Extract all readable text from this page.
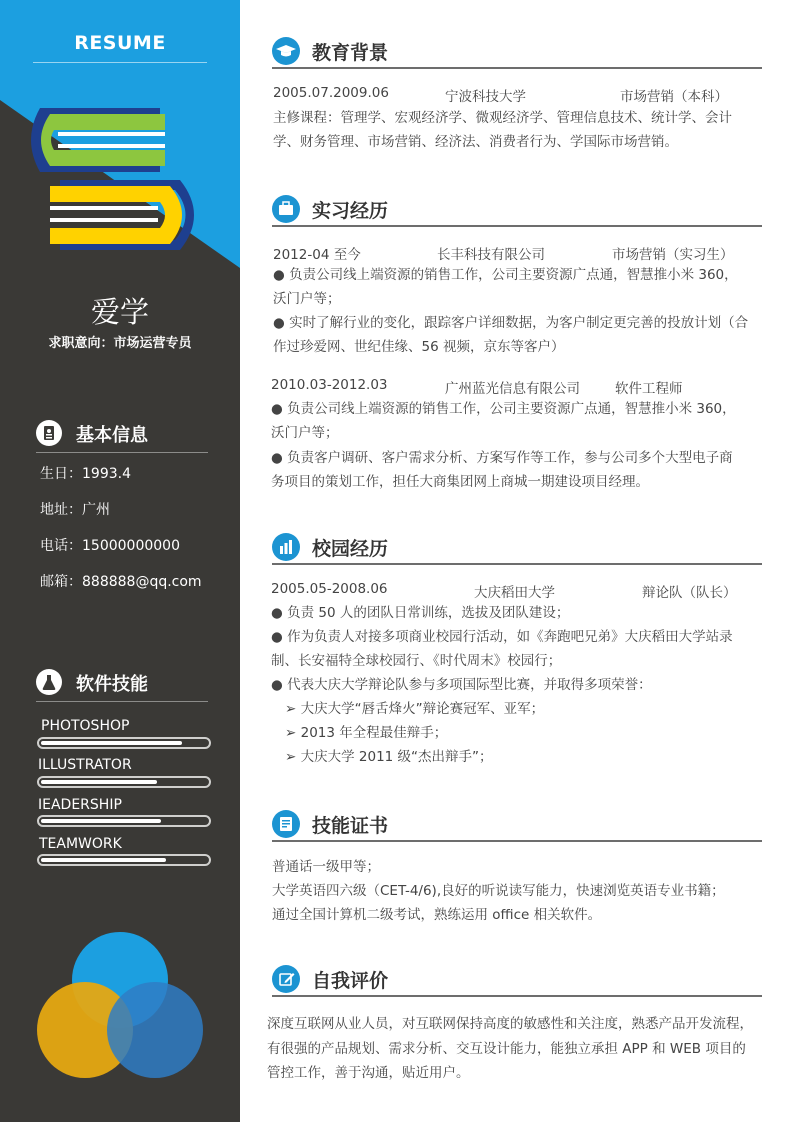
RESUME
爱学
求职意向：市场运营专员
基本信息
生日：1993.4
地址：广州
电话：15000000000
邮箱：888888@qq.com
软件技能
PHOTOSHOP
ILLUSTRATOR
IEADERSHIP
TEAMWORK
教育背景
2005.07.2009.06	宁波科技大学	市场营销（本科）
主修课程：管理学、宏观经济学、微观经济学、管理信息技术、统计学、会计
学、财务管理、市场营销、经济法、消费者行为、学国际市场营销。
实习经历
2012-04 至今	长丰科技有限公司	市场营销（实习生）
● 负责公司线上端资源的销售工作，公司主要资源广点通，智慧推小米 360，
沃门户等；
● 实时了解行业的变化，跟踪客户详细数据，为客户制定更完善的投放计划（合
作过珍爱网、世纪佳缘、56 视频，京东等客户）
2010.03-2012.03	广州蓝光信息有限公司	软件工程师
● 负责公司线上端资源的销售工作，公司主要资源广点通，智慧推小米 360，
沃门户等；
● 负责客户调研、客户需求分析、方案写作等工作，参与公司多个大型电子商
务项目的策划工作，担任大商集团网上商城一期建设项目经理。
校园经历
2005.05-2008.06	大庆稻田大学	辩论队（队长）
● 负责 50 人的团队日常训练，选拔及团队建设；
● 作为负责人对接多项商业校园行活动，如《奔跑吧兄弟》大庆稻田大学站录
制、长安福特全球校园行、《时代周末》校园行；
● 代表大庆大学辩论队参与多项国际型比赛，并取得多项荣誉：
➢ 大庆大学“唇舌烽火”辩论赛冠军、亚军；
➢ 2013 年全程最佳辩手；
➢ 大庆大学 2011 级“杰出辩手”；
技能证书
普通话一级甲等；
大学英语四六级（CET-4/6),良好的听说读写能力，快速浏览英语专业书籍；
通过全国计算机二级考试，熟练运用 office 相关软件。
自我评价
深度互联网从业人员，对互联网保持高度的敏感性和关注度，熟悉产品开发流程，
有很强的产品规划、需求分析、交互设计能力，能独立承担 APP 和 WEB 项目的
管控工作，善于沟通，贴近用户。
